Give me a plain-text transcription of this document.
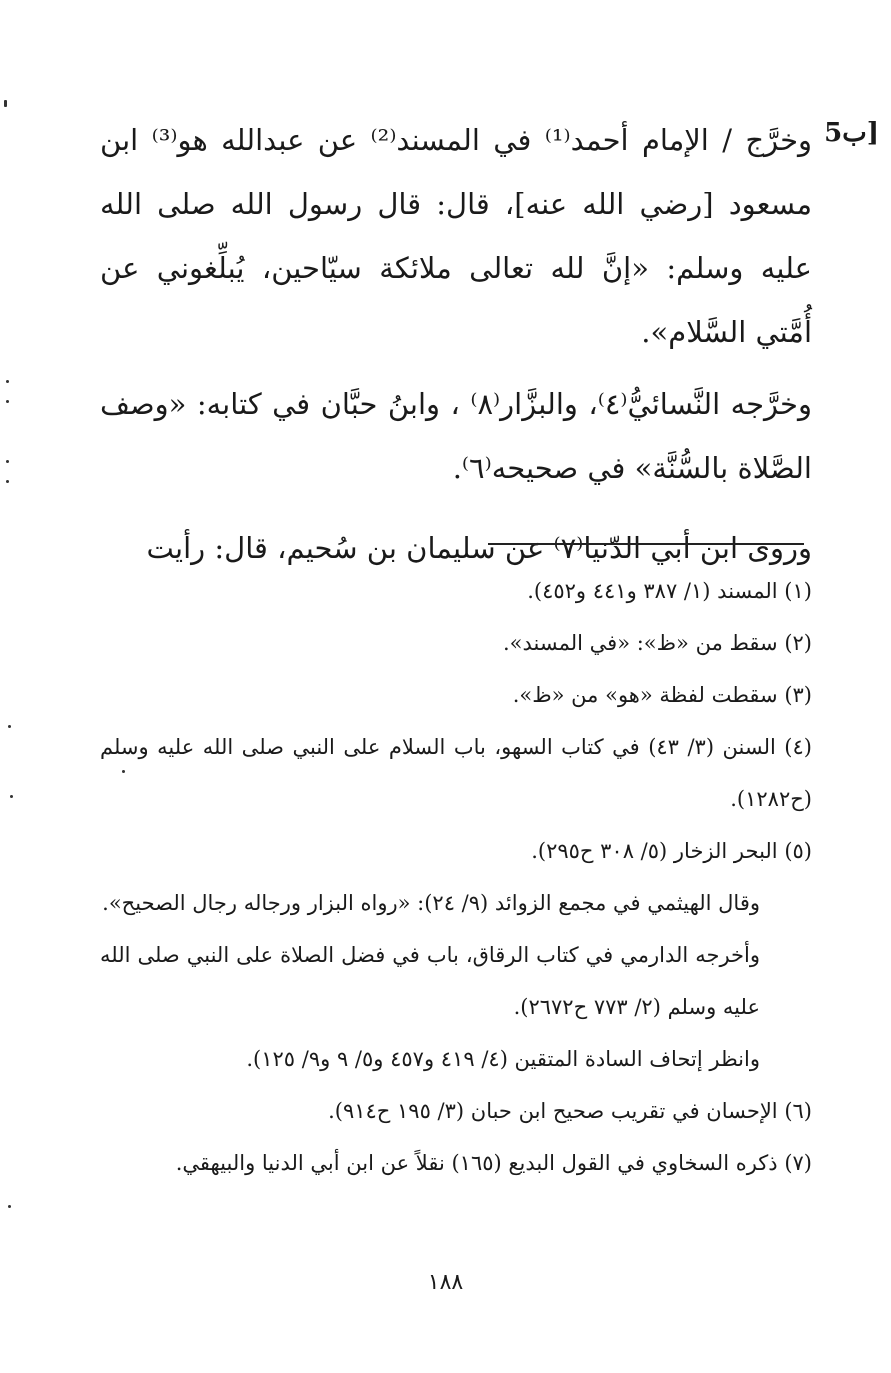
5ب]

وخرَّج / الإمام أحمد⁽¹⁾ في المسند⁽²⁾ عن عبدالله هو⁽³⁾ ابن مسعود [رضي الله عنه]، قال: قال رسول الله صلى الله عليه وسلم: «إنَّ لله تعالى ملائكة سيّاحين، يُبلِّغوني عن أُمَّتي السَّلام».

وخرَّجه النَّسائيُّ⁽٤⁾، والبزَّار⁽٨⁾ ، وابنُ حبَّان في كتابه: «وصف الصَّلاة بالسُّنَّة» في صحيحه⁽٦⁾.

وروى ابن أبي الدّنيا⁽٧⁾ عن سليمان بن سُحيم، قال: رأيت

(١) المسند (١/ ٣٨٧ و٤٤١ و٤٥٢).
(٢) سقط من «ظ»: «في المسند».
(٣) سقطت لفظة «هو» من «ظ».
(٤) السنن (٣/ ٤٣) في كتاب السهو، باب السلام على النبي صلى الله عليه وسلم (ح١٢٨٢).
(٥) البحر الزخار (٥/ ٣٠٨ ح٢٩٥).
وقال الهيثمي في مجمع الزوائد (٩/ ٢٤): «رواه البزار ورجاله رجال الصحيح».
وأخرجه الدارمي في كتاب الرقاق، باب في فضل الصلاة على النبي صلى الله عليه وسلم (٢/ ٧٧٣ ح٢٦٧٢).
وانظر إتحاف السادة المتقين (٤/ ٤١٩ و٤٥٧ و٥/ ٩ و٩/ ١٢٥).
(٦) الإحسان في تقريب صحيح ابن حبان (٣/ ١٩٥ ح٩١٤).
(٧) ذكره السخاوي في القول البديع (١٦٥) نقلاً عن ابن أبي الدنيا والبيهقي.
١٨٨
